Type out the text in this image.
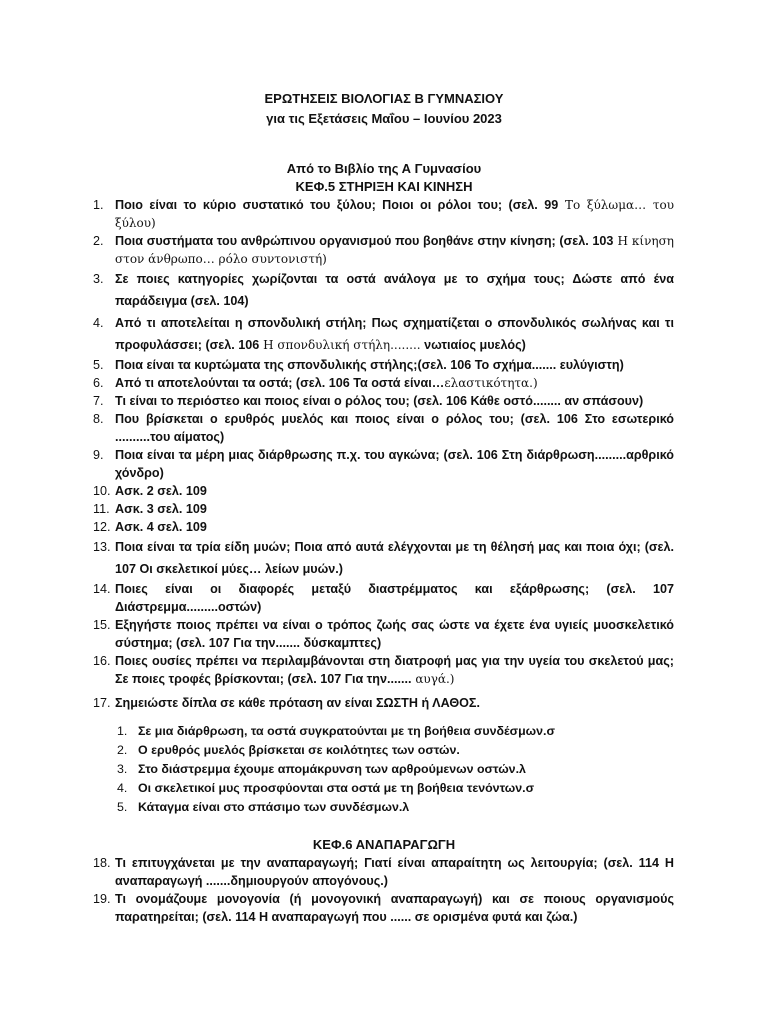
ΕΡΩΤΗΣΕΙΣ ΒΙΟΛΟΓΙΑΣ Β ΓΥΜΝΑΣΙΟΥ
για τις Εξετάσεις Μαΐου – Ιουνίου 2023
Από το Βιβλίο της Α Γυμνασίου
ΚΕΦ.5 ΣΤΗΡΙΞΗ ΚΑΙ ΚΙΝΗΣΗ
1. Ποιο είναι το κύριο συστατικό του ξύλου; Ποιοι οι ρόλοι του; (σελ. 99 Το ξύλωμα… του ξύλου)
2. Ποια συστήματα του ανθρώπινου οργανισμού που βοηθάνε στην κίνηση; (σελ. 103 Η κίνηση στον άνθρωπο… ρόλο συντονιστή)
3. Σε ποιες κατηγορίες χωρίζονται τα οστά ανάλογα με το σχήμα τους; Δώστε από ένα παράδειγμα (σελ. 104)
4. Από τι αποτελείται η σπονδυλική στήλη; Πως σχηματίζεται ο σπονδυλικός σωλήνας και τι προφυλάσσει; (σελ. 106 Η σπονδυλική στήλη........ νωτιαίος μυελός)
5. Ποια είναι τα κυρτώματα της σπονδυλικής στήλης;(σελ. 106 Το σχήμα....... ευλύγιστη)
6. Από τι αποτελούνται τα οστά; (σελ. 106 Τα οστά είναι…ελαστικότητα.)
7. Τι είναι το περιόστεο και ποιος είναι ο ρόλος του; (σελ. 106 Κάθε οστό........ αν σπάσουν)
8. Που βρίσκεται ο ερυθρός μυελός και ποιος είναι ο ρόλος του; (σελ. 106 Στο εσωτερικό ..........του αίματος)
9. Ποια είναι τα μέρη μιας διάρθρωσης π.χ. του αγκώνα; (σελ. 106 Στη διάρθρωση.........αρθρικό χόνδρο)
10. Ασκ. 2 σελ. 109
11. Ασκ. 3 σελ. 109
12. Ασκ. 4 σελ. 109
13. Ποια είναι τα τρία είδη μυών; Ποια από αυτά ελέγχονται με τη θέλησή μας και ποια όχι; (σελ. 107 Οι σκελετικοί μύες… λείων μυών.)
14. Ποιες είναι οι διαφορές μεταξύ διαστρέμματος και εξάρθρωσης; (σελ. 107 Διάστρεμμα.........οστών)
15. Εξηγήστε ποιος πρέπει να είναι ο τρόπος ζωής σας ώστε να έχετε ένα υγιείς μυοσκελετικό σύστημα; (σελ. 107 Για την....... δύσκαμπτες)
16. Ποιες ουσίες πρέπει να περιλαμβάνονται στη διατροφή μας για την υγεία του σκελετού μας; Σε ποιες τροφές βρίσκονται; (σελ. 107 Για την....... αυγά.)
17. Σημειώστε δίπλα σε κάθε πρόταση αν είναι ΣΩΣΤΗ ή ΛΑΘΟΣ.
1. Σε μια διάρθρωση, τα οστά συγκρατούνται με τη βοήθεια συνδέσμων.σ
2. Ο ερυθρός μυελός βρίσκεται σε κοιλότητες των οστών.
3. Στο διάστρεμμα έχουμε απομάκρυνση των αρθρούμενων οστών.λ
4. Οι σκελετικοί μυς προσφύονται στα οστά με τη βοήθεια τενόντων.σ
5. Κάταγμα είναι στο σπάσιμο των συνδέσμων.λ
ΚΕΦ.6 ΑΝΑΠΑΡΑΓΩΓΗ
18. Τι επιτυγχάνεται με την αναπαραγωγή; Γιατί είναι απαραίτητη ως λειτουργία; (σελ. 114 Η αναπαραγωγή .......δημιουργούν απογόνους.)
19. Τι ονομάζουμε μονογονία (ή μονογονική αναπαραγωγή) και σε ποιους οργανισμούς παρατηρείται; (σελ. 114 Η αναπαραγωγή που ...... σε ορισμένα φυτά και ζώα.)
